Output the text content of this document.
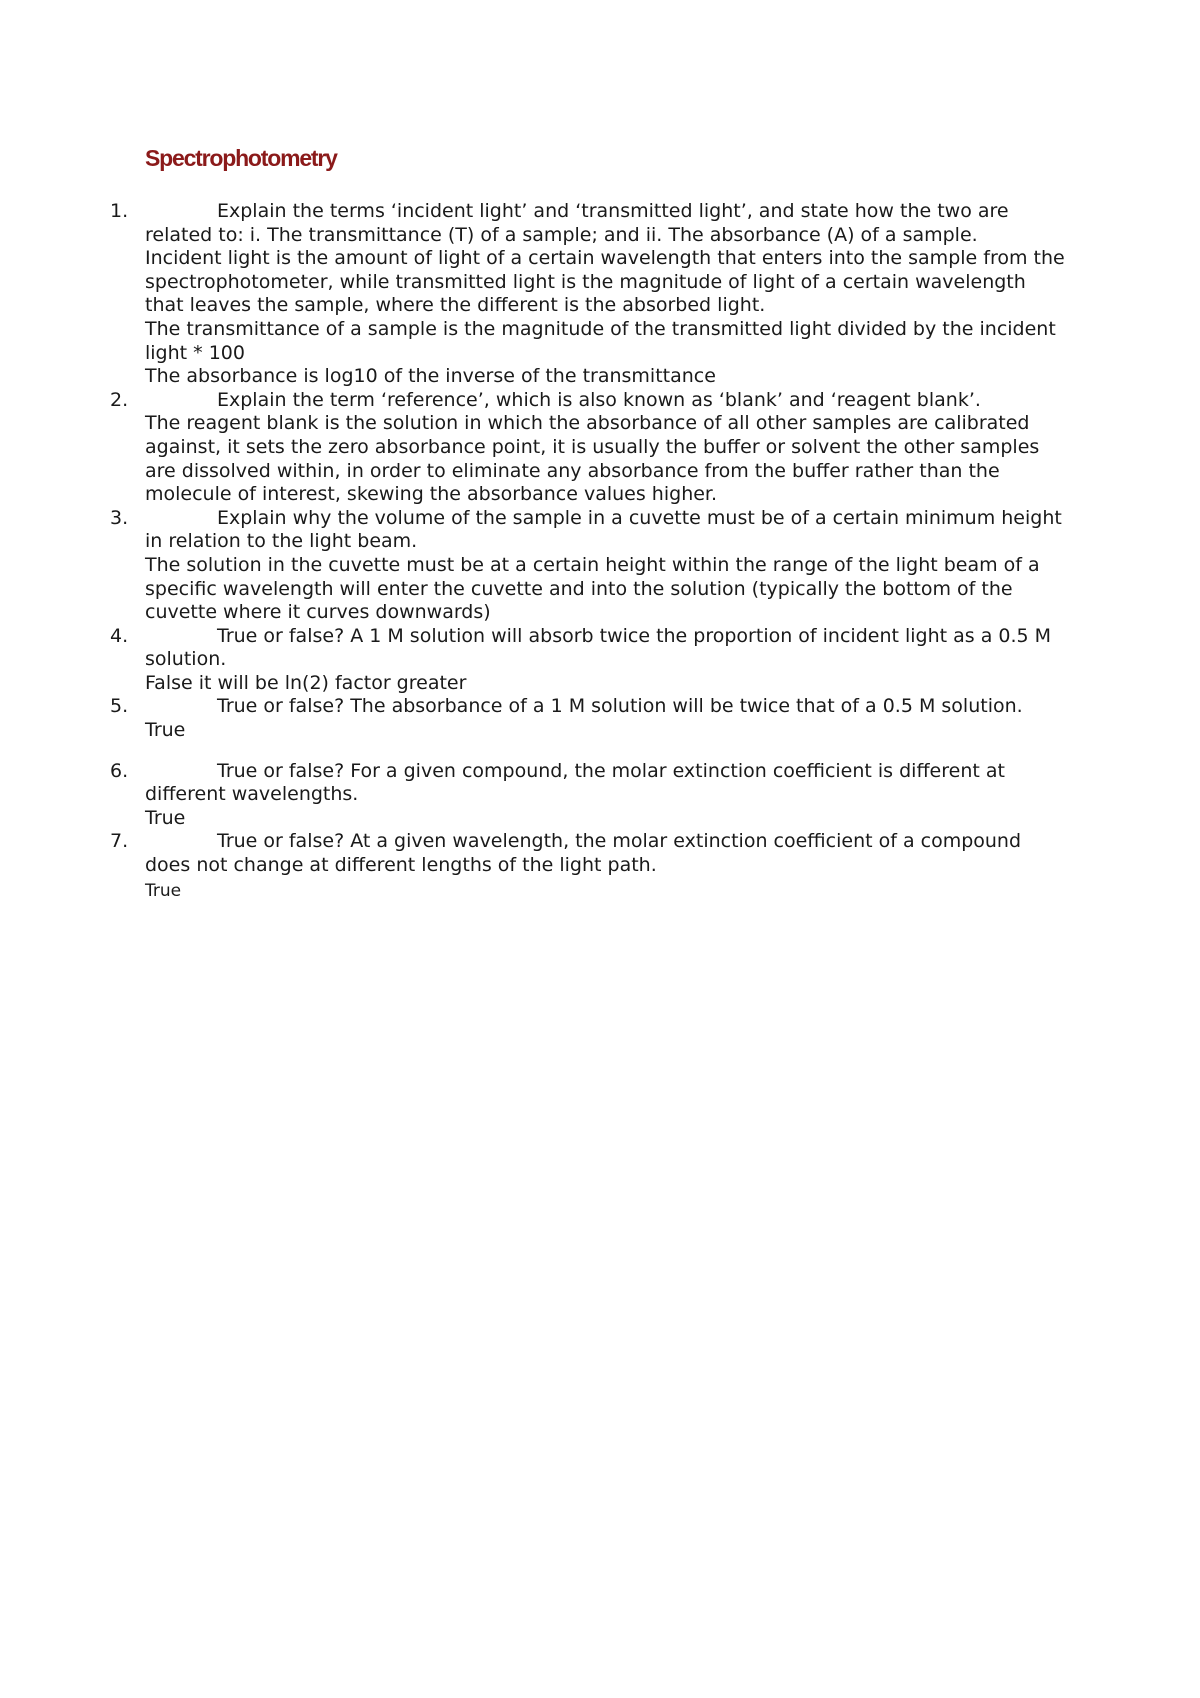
Spectrophotometry
1.	Explain the terms ‘incident light’ and ‘transmitted light’, and state how the two are related to: i. The transmittance (T) of a sample; and ii. The absorbance (A) of a sample.
Incident light is the amount of light of a certain wavelength that enters into the sample from the spectrophotometer, while transmitted light is the magnitude of light of a certain wavelength that leaves the sample, where the different is the absorbed light.
The transmittance of a sample is the magnitude of the transmitted light divided by the incident light * 100
The absorbance is log10 of the inverse of the transmittance
2.	Explain the term ‘reference’, which is also known as ‘blank’ and ‘reagent blank’.
The reagent blank is the solution in which the absorbance of all other samples are calibrated against, it sets the zero absorbance point, it is usually the buffer or solvent the other samples are dissolved within, in order to eliminate any absorbance from the buffer rather than the molecule of interest, skewing the absorbance values higher.
3.	Explain why the volume of the sample in a cuvette must be of a certain minimum height in relation to the light beam.
The solution in the cuvette must be at a certain height within the range of the light beam of a specific wavelength will enter the cuvette and into the solution (typically the bottom of the cuvette where it curves downwards)
4.	True or false? A 1 M solution will absorb twice the proportion of incident light as a 0.5 M solution.
False it will be ln(2) factor greater
5.	True or false? The absorbance of a 1 M solution will be twice that of a 0.5 M solution.
True
6.	True or false? For a given compound, the molar extinction coefficient is different at different wavelengths.
True
7.	True or false? At a given wavelength, the molar extinction coefficient of a compound does not change at different lengths of the light path.
True
